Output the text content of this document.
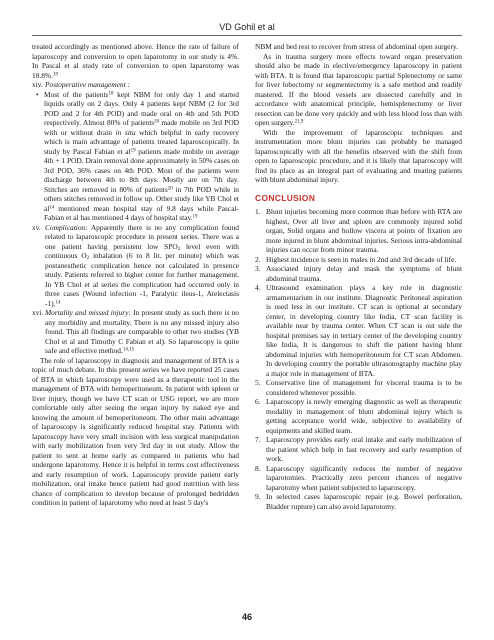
VD Gohil et al

treated accordingly as mentioned above. Hence the rate of failure of laparoscopy and conversion to open laparotomy in our study is 4%. In Pascal et al study rate of conversion to open laparotomy was 18.8%.$^{19}$

xiv. Postoperative management :
• Most of the patients$^{18}$ kept NBM for only day 1 and started liquids orally on 2 days. Only 4 patients kept NBM (2 for 3rd POD and 2 for 4th POD) and made oral on 4th and 5th POD respectively. Almost 80% of patients$^{20}$ made mobile on 3rd POD with or without drain in situ which helpful in early recovery which is main advantage of patients treated laparoscopically. In study by Pascal Fabian et $al^{19}$ patients made mobile on average 4th + 1 POD. Drain removal done approximately in 50% cases on 3rd POD, 36% cases on 4th POD. Most of the patients were discharge between 4th to 8th days. Mostly are on 7th day. Stitches are removed in 80% of patients$^{20}$ in 7th POD while in others stitches removed in follow up. Other study like YB Chol et $al^{14}$ mentioned mean hospital stay of 9.8 days while Pascal-Fabian et al has mentioned 4 days of hospital stay.$^{19}$
xv. Complication: Apparently there is no any complication found related to laparoscopic procedure in present series. There was a one patient having persistent low $SPO_2$ level even with continuous $O_2$ inhalation (6 to 8 lit. per minute) which was postanesthetic complication hence not calculated in presence study. Patients referred to higher center for further management. In YB Chol et al series the complication had occurred only in three cases (Wound infection -1, Paralytic ileus-1, Atelectasis -1).$^{14}$
xvi. Mortality and missed injury: In present study as such there is no any morbidity and mortality. There is no any missed injury also found. This all findings are comparable to other two studies (YB Chol et al and Timothy C Fabian et al). So laparoscopy is quite safe and effective method.$^{14,15}$

The role of laparoscopy in diagnosis and management of BTA is a topic of much debate. In this present series we have reported 25 cases of BTA in which laparoscopy were used as a therapeutic tool in the management of BTA with hemoperitoneum. In patient with spleen or liver injury, though we have CT scan or USG report, we are more comfortable only after seeing the organ injury by naked eye and knowing the amount of hemoperitoneum. The other main advantage of laparoscopy is significantly reduced hospital stay. Patients with laparoscopy have very small incision with less surgical manipulation with early mobilization from very 3rd day in out study. Allow the patient to sent at home early as compared to patients who had undergone laparotomy. Hence it is helpful in terms cost effectiveness and early resumption of work. Laparoscopy provide patient early mobilization, oral intake hence patient had good nutrition with less chance of complication to develop because of prolonged bedridden condition in patient of laparotomy who need at least 5 day's

NBM and bed rest to recover from stress of abdominal open surgery.

As in trauma surgery more effects toward organ preservation should also be made in elective/emergency laparoscopy in patient with BTA. It is found that laparoscopic partial Splenectomy or same for liver lobectomy or segmentectomy is a safe method and readily mastered. If the blood vessels are dissected carefully and in accordance with anatomical principle, hemisplenectomy or liver resection can be done very quickly and with less blood loss than with open surgery.$^{21,9}$

With the improvement of laparoscopic techniques and instrumentation more blunt injuries can probably be managed laparoscopically with all the benefits observed with the shift from open to laparoscopic procedure, and it is likely that laparoscopy will find its place as an integral part of evaluating and treating patients with blunt abdominal injury.

CONCLUSION
1. Blunt injuries becoming more common than before with RTA are highest, Over all liver and spleen are commonly injured solid organ, Solid organs and hollow viscera at points of fixation are more injured in blunt abdominal injuries. Serious intra-abdominal injuries can occur from minor trauma.
2. Highest incidence is seen in males in 2nd and 3rd decade of life.
3. Associated injury delay and mask the symptoms of blunt abdominal trauma.
4. Ultrasound examination plays a key role in diagnostic armamentarium in our institute. Diagnostic Peritoneal aspiration is used less in our institute. CT scan is optional at secondary center, in developing country like India, CT scan facility is available near by trauma center. When CT scan is out side the hospital premises say in tertiary center of the developing country like India, It is dangerous to shift the patient having blunt abdominal injuries with hemoperitoneum for CT scan Abdomen. In developing country the portable ultrasonography machine play a major role in management of BTA.
5. Conservative line of management for visceral trauma is to be considered whenever possible.
6. Laparoscopy is newly emerging diagnostic as well as therapeutic modality in management of blunt abdominal injury which is getting acceptance world wide, subjective to availability of equipments and skilled team.
7. Laparoscopy provides early oral intake and early mobilization of the patient which help in fast recovery and early resumption of work.
8. Laparoscopy significantly reduces the number of negative laparotomies. Practically zero percent chances of negative laparotomy when patient subjected to laparoscopy.
9. In selected cases laparoscopic repair (e.g. Bowel perforation, Bladder rupture) can also avoid laparotomy.
46
